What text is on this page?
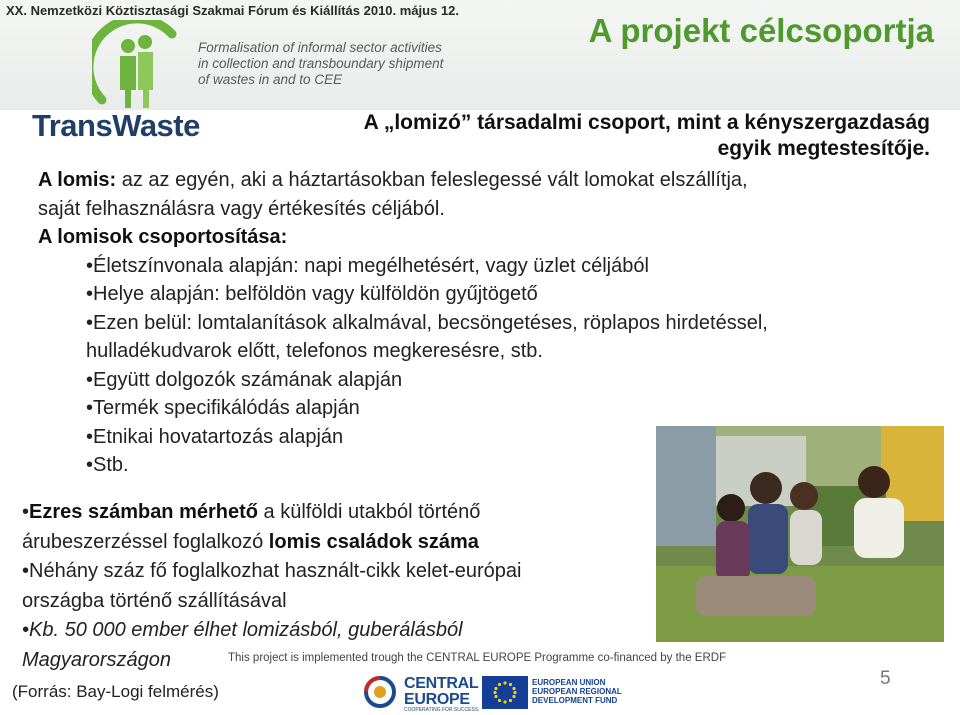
XX. Nemzetközi Köztisztasági Szakmai Fórum és Kiállítás 2010. május 12.
A projekt célcsoportja
TransWaste
Formalisation of informal sector activities
in collection and transboundary shipment
of wastes in and to CEE
A „lomizó” társadalmi csoport, mint a kényszergazdaság
egyik megtestesítője.
A lomis: az az egyén, aki a háztartásokban feleslegessé vált lomokat elszállítja,
saját felhasználásra vagy értékesítés céljából.
A lomisok csoportosítása:
•Életszínvonala alapján: napi megélhetésért, vagy üzlet céljából
•Helye alapján: belföldön vagy külföldön gyűjtögető
•Ezen belül: lomtalanítások alkalmával, becsöngetéses, röplapos hirdetéssel,
hulladékudvarok előtt, telefonos megkeresésre, stb.
•Együtt dolgozók számának alapján
•Termék specifikálódás alapján
•Etnikai hovatartozás alapján
•Stb.
•Ezres számban mérhető a külföldi utakból történő
árubeszerzéssel foglalkozó lomis családok száma
•Néhány száz fő foglalkozhat használt-cikk kelet-európai
országba történő szállításával
•Kb. 50 000 ember élhet lomizásból, guberálásból
Magyarországon	This project is implemented trough the CENTRAL EUROPE Programme co-financed by the ERDF
(Forrás: Bay-Logi felmérés)
5
CENTRAL
EUROPE
COOPERATING FOR SUCCESS.
EUROPEAN UNION
EUROPEAN REGIONAL
DEVELOPMENT FUND
